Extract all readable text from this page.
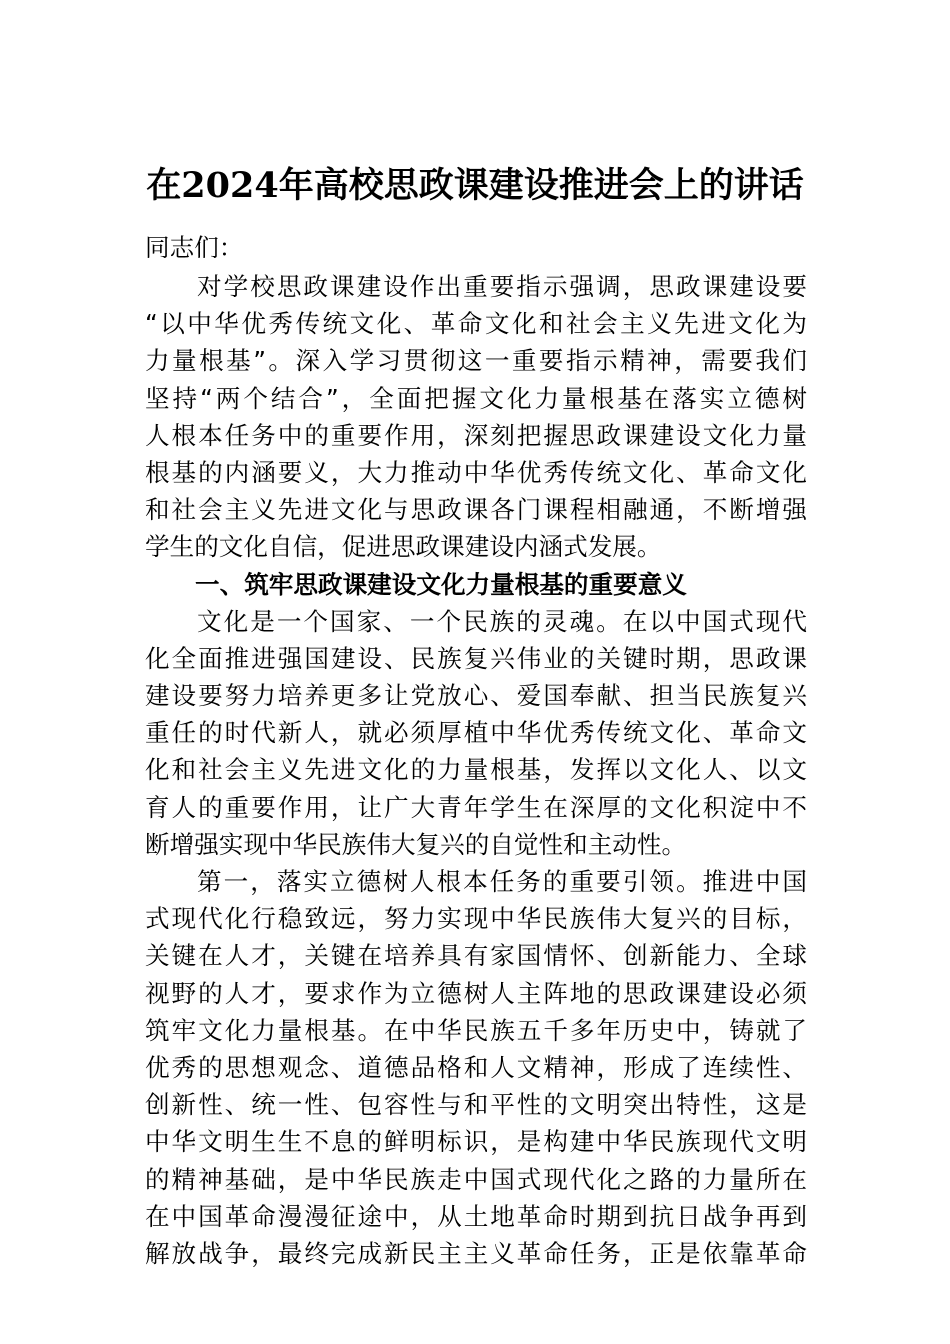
在2024年高校思政课建设推进会上的讲话
同志们：
对学校思政课建设作出重要指示强调，思政课建设要
“以中华优秀传统文化、革命文化和社会主义先进文化为
力量根基”。深入学习贯彻这一重要指示精神，需要我们
坚持“两个结合”，全面把握文化力量根基在落实立德树
人根本任务中的重要作用，深刻把握思政课建设文化力量
根基的内涵要义，大力推动中华优秀传统文化、革命文化
和社会主义先进文化与思政课各门课程相融通，不断增强
学生的文化自信，促进思政课建设内涵式发展。
一、筑牢思政课建设文化力量根基的重要意义
文化是一个国家、一个民族的灵魂。在以中国式现代
化全面推进强国建设、民族复兴伟业的关键时期，思政课
建设要努力培养更多让党放心、爱国奉献、担当民族复兴
重任的时代新人，就必须厚植中华优秀传统文化、革命文
化和社会主义先进文化的力量根基，发挥以文化人、以文
育人的重要作用，让广大青年学生在深厚的文化积淀中不
断增强实现中华民族伟大复兴的自觉性和主动性。
第一，落实立德树人根本任务的重要引领。推进中国
式现代化行稳致远，努力实现中华民族伟大复兴的目标，
关键在人才，关键在培养具有家国情怀、创新能力、全球
视野的人才，要求作为立德树人主阵地的思政课建设必须
筑牢文化力量根基。在中华民族五千多年历史中，铸就了
优秀的思想观念、道德品格和人文精神，形成了连续性、
创新性、统一性、包容性与和平性的文明突出特性，这是
中华文明生生不息的鲜明标识，是构建中华民族现代文明
的精神基础，是中华民族走中国式现代化之路的力量所在
在中国革命漫漫征途中，从土地革命时期到抗日战争再到
解放战争，最终完成新民主主义革命任务，正是依靠革命
